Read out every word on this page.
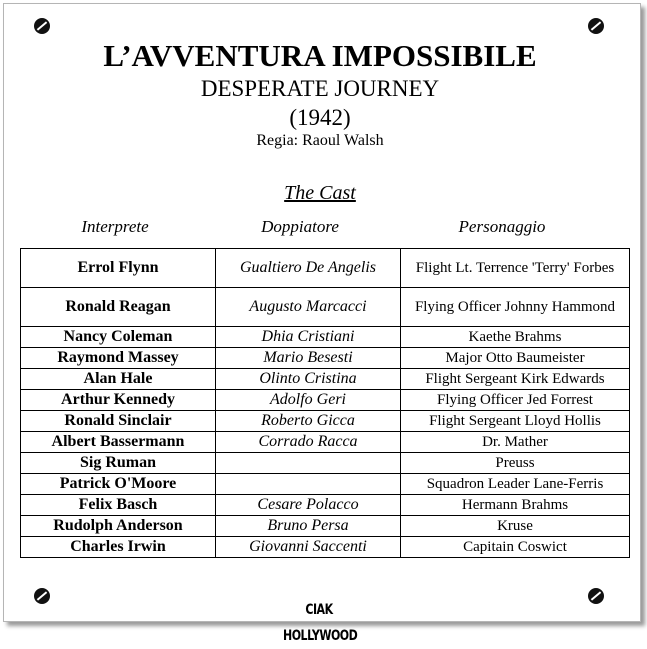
L’AVVENTURA IMPOSSIBILE
DESPERATE JOURNEY
(1942)
Regia: Raoul Walsh
The Cast
Interprete	Doppiatore	Personaggio
Errol Flynn	Gualtiero De Angelis	Flight Lt. Terrence 'Terry' Forbes
Ronald Reagan	Augusto Marcacci	Flying Officer Johnny Hammond
Nancy Coleman	Dhia Cristiani	Kaethe Brahms
Raymond Massey	Mario Besesti	Major Otto Baumeister
Alan Hale	Olinto Cristina	Flight Sergeant Kirk Edwards
Arthur Kennedy	Adolfo Geri	Flying Officer Jed Forrest
Ronald Sinclair	Roberto Gicca	Flight Sergeant Lloyd Hollis
Albert Bassermann	Corrado Racca	Dr. Mather
Sig Ruman		Preuss
Patrick O'Moore		Squadron Leader Lane-Ferris
Felix Basch	Cesare Polacco	Hermann Brahms
Rudolph Anderson	Bruno Persa	Kruse
Charles Irwin	Giovanni Saccenti	Capitain Coswict
CIAK HOLLYWOOD
